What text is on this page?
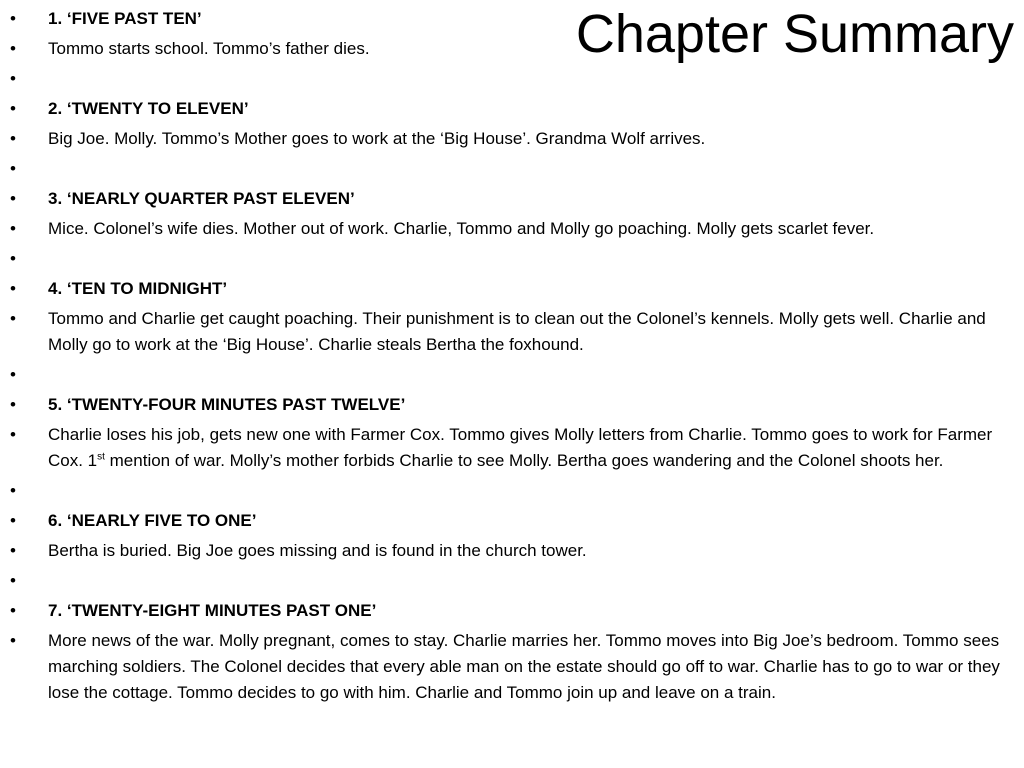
Chapter Summary
•	1. ‘FIVE PAST TEN’
•	Tommo starts school. Tommo’s father dies.
•
•	2. ‘TWENTY TO ELEVEN’
•	Big Joe. Molly. Tommo’s Mother goes to work at the ‘Big House’. Grandma Wolf arrives.
•
•	3. ‘NEARLY QUARTER PAST ELEVEN’
•	Mice. Colonel’s wife dies. Mother out of work. Charlie, Tommo and Molly go poaching. Molly gets scarlet fever.
•
•	4. ‘TEN TO MIDNIGHT’
•	Tommo and Charlie get caught poaching. Their punishment is to clean out the Colonel’s kennels. Molly gets well. Charlie and Molly go to work at the ‘Big House’. Charlie steals Bertha the foxhound.
•
•	5. ‘TWENTY-FOUR MINUTES PAST TWELVE’
•	Charlie loses his job, gets new one with Farmer Cox. Tommo gives Molly letters from Charlie. Tommo goes to work for Farmer Cox. 1st mention of war. Molly’s mother forbids Charlie to see Molly. Bertha goes wandering and the Colonel shoots her.
•
•	6. ‘NEARLY FIVE TO ONE’
•	Bertha is buried. Big Joe goes missing and is found in the church tower.
•
•	7. ‘TWENTY-EIGHT MINUTES PAST ONE’
•	More news of the war. Molly pregnant, comes to stay. Charlie marries her. Tommo moves into Big Joe’s bedroom. Tommo sees marching soldiers. The Colonel decides that every able man on the estate should go off to war. Charlie has to go to war or they lose the cottage. Tommo decides to go with him. Charlie and Tommo join up and leave on a train.
